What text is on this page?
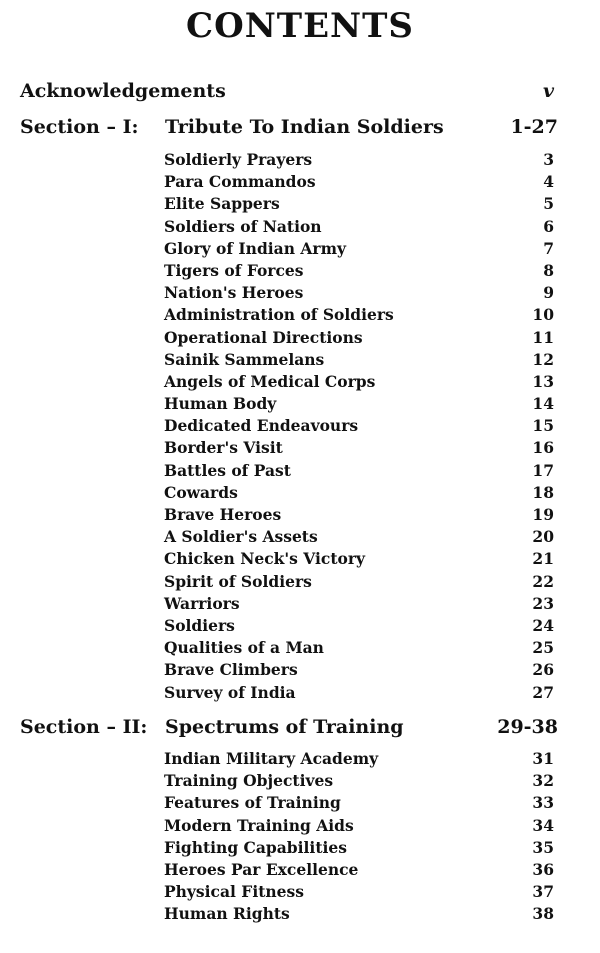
CONTENTS
Acknowledgements	v
Section – I: Tribute To Indian Soldiers	1-27
Soldierly Prayers	3
Para Commandos	4
Elite Sappers	5
Soldiers of Nation	6
Glory of Indian Army	7
Tigers of Forces	8
Nation's Heroes	9
Administration of Soldiers	10
Operational Directions	11
Sainik Sammelans	12
Angels of Medical Corps	13
Human Body	14
Dedicated Endeavours	15
Border's Visit	16
Battles of Past	17
Cowards	18
Brave Heroes	19
A Soldier's Assets	20
Chicken Neck's Victory	21
Spirit of Soldiers	22
Warriors	23
Soldiers	24
Qualities of a Man	25
Brave Climbers	26
Survey of India	27
Section – II: Spectrums of Training	29-38
Indian Military Academy	31
Training Objectives	32
Features of Training	33
Modern Training Aids	34
Fighting Capabilities	35
Heroes Par Excellence	36
Physical Fitness	37
Human Rights	38
